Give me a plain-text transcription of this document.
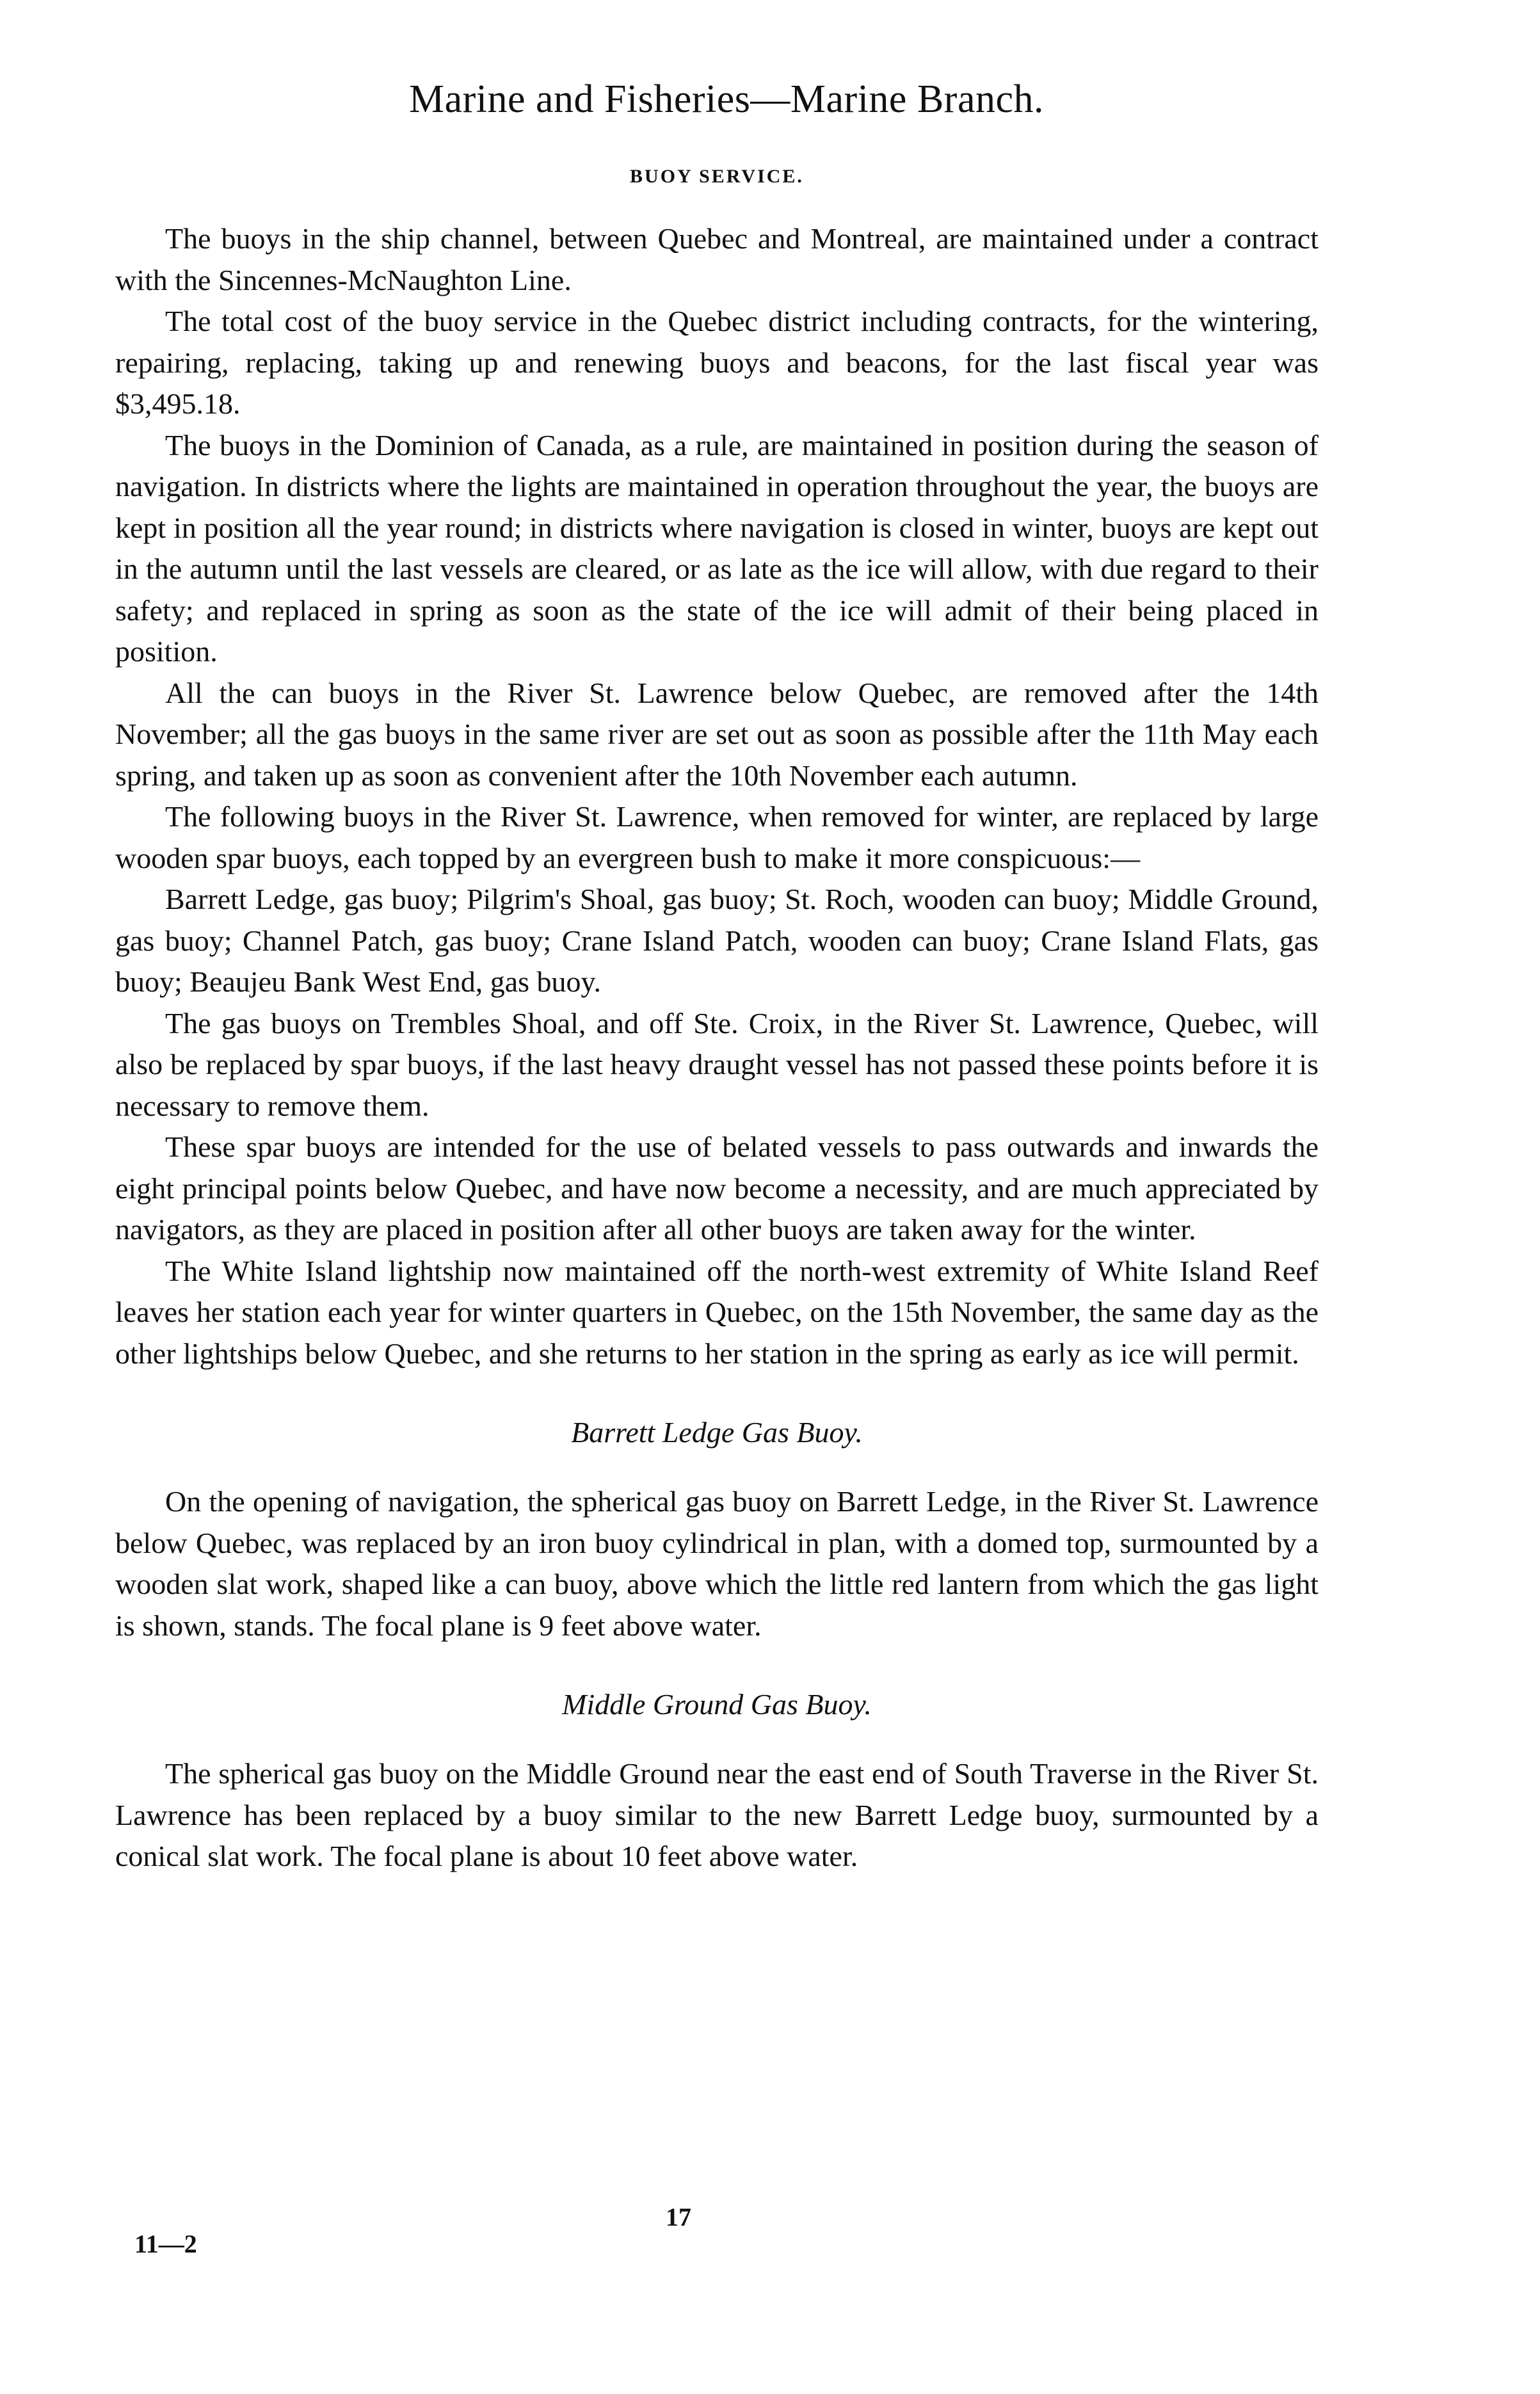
Marine and Fisheries—Marine Branch.
BUOY SERVICE.

The buoys in the ship channel, between Quebec and Montreal, are maintained under a contract with the Sincennes-McNaughton Line.

The total cost of the buoy service in the Quebec district including contracts, for the wintering, repairing, replacing, taking up and renewing buoys and beacons, for the last fiscal year was $3,495.18.

The buoys in the Dominion of Canada, as a rule, are maintained in position during the season of navigation. In districts where the lights are maintained in operation throughout the year, the buoys are kept in position all the year round; in districts where navigation is closed in winter, buoys are kept out in the autumn until the last vessels are cleared, or as late as the ice will allow, with due regard to their safety; and replaced in spring as soon as the state of the ice will admit of their being placed in position.

All the can buoys in the River St. Lawrence below Quebec, are removed after the 14th November; all the gas buoys in the same river are set out as soon as possible after the 11th May each spring, and taken up as soon as convenient after the 10th November each autumn.

The following buoys in the River St. Lawrence, when removed for winter, are replaced by large wooden spar buoys, each topped by an evergreen bush to make it more conspicuous:—

Barrett Ledge, gas buoy; Pilgrim's Shoal, gas buoy; St. Roch, wooden can buoy; Middle Ground, gas buoy; Channel Patch, gas buoy; Crane Island Patch, wooden can buoy; Crane Island Flats, gas buoy; Beaujeu Bank West End, gas buoy.

The gas buoys on Trembles Shoal, and off Ste. Croix, in the River St. Lawrence, Quebec, will also be replaced by spar buoys, if the last heavy draught vessel has not passed these points before it is necessary to remove them.

These spar buoys are intended for the use of belated vessels to pass outwards and inwards the eight principal points below Quebec, and have now become a necessity, and are much appreciated by navigators, as they are placed in position after all other buoys are taken away for the winter.

The White Island lightship now maintained off the north-west extremity of White Island Reef leaves her station each year for winter quarters in Quebec, on the 15th November, the same day as the other lightships below Quebec, and she returns to her station in the spring as early as ice will permit.

Barrett Ledge Gas Buoy.

On the opening of navigation, the spherical gas buoy on Barrett Ledge, in the River St. Lawrence below Quebec, was replaced by an iron buoy cylindrical in plan, with a domed top, surmounted by a wooden slat work, shaped like a can buoy, above which the little red lantern from which the gas light is shown, stands. The focal plane is 9 feet above water.

Middle Ground Gas Buoy.

The spherical gas buoy on the Middle Ground near the east end of South Traverse in the River St. Lawrence has been replaced by a buoy similar to the new Barrett Ledge buoy, surmounted by a conical slat work. The focal plane is about 10 feet above water.

17
11—2
